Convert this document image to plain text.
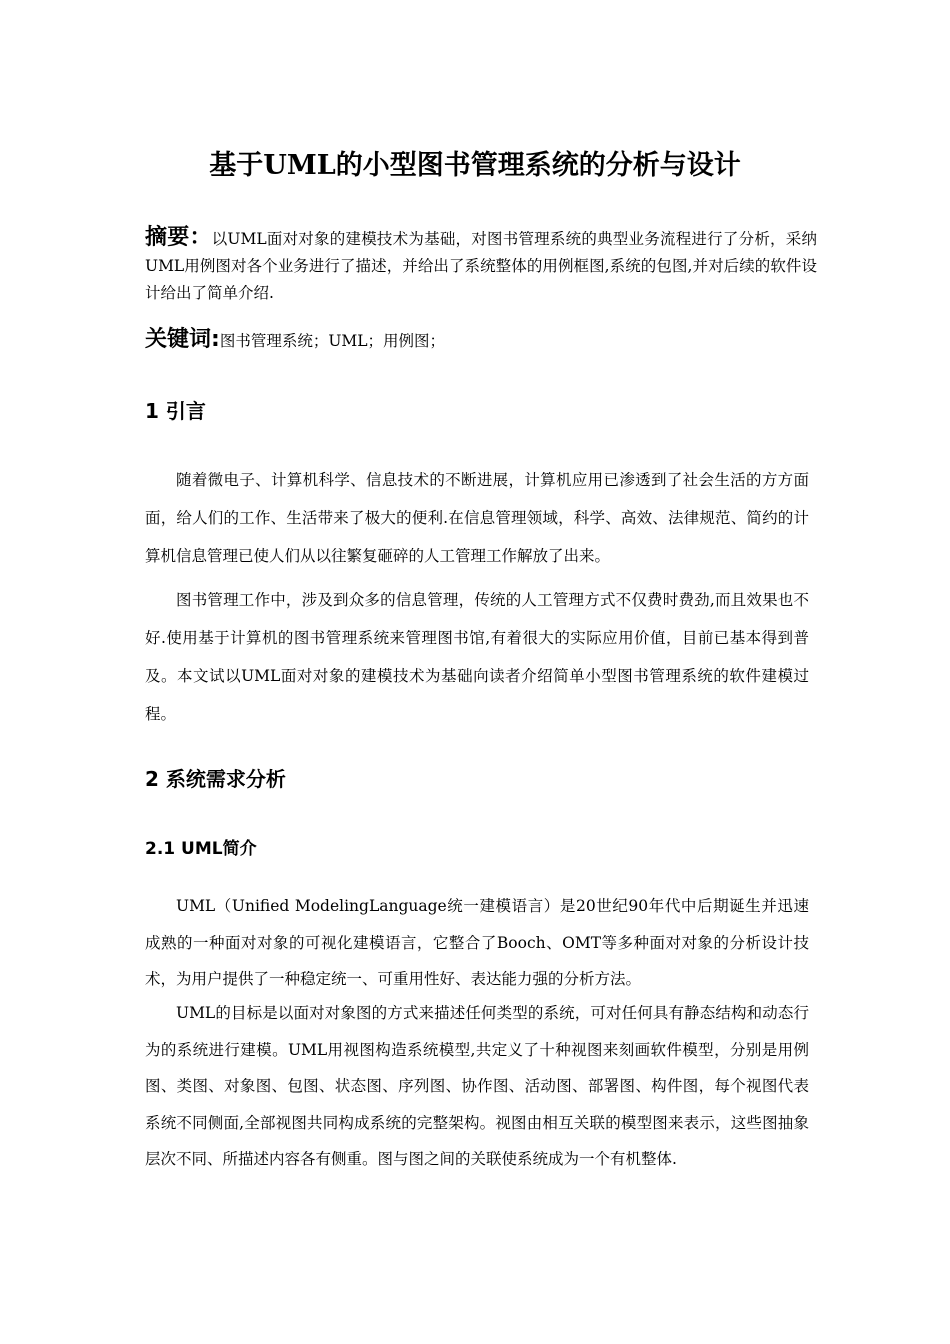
基于UML的小型图书管理系统的分析与设计

摘要：以UML面对对象的建模技术为基础，对图书管理系统的典型业务流程进行了分析，采纳UML用例图对各个业务进行了描述，并给出了系统整体的用例框图,系统的包图,并对后续的软件设计给出了简单介绍.

关键词:图书管理系统；UML；用例图；

1 引言

随着微电子、计算机科学、信息技术的不断进展，计算机应用已渗透到了社会生活的方方面面，给人们的工作、生活带来了极大的便利.在信息管理领域，科学、高效、法律规范、简约的计算机信息管理已使人们从以往繁复砸碎的人工管理工作解放了出来。

图书管理工作中，涉及到众多的信息管理，传统的人工管理方式不仅费时费劲,而且效果也不好.使用基于计算机的图书管理系统来管理图书馆,有着很大的实际应用价值，目前已基本得到普及。本文试以UML面对对象的建模技术为基础向读者介绍简单小型图书管理系统的软件建模过程。

2 系统需求分析
2.1 UML简介

UML（Unified ModelingLanguage统一建模语言）是20世纪90年代中后期诞生并迅速成熟的一种面对对象的可视化建模语言，它整合了Booch、OMT等多种面对对象的分析设计技术，为用户提供了一种稳定统一、可重用性好、表达能力强的分析方法。

UML的目标是以面对对象图的方式来描述任何类型的系统，可对任何具有静态结构和动态行为的系统进行建模。UML用视图构造系统模型,共定义了十种视图来刻画软件模型，分别是用例图、类图、对象图、包图、状态图、序列图、协作图、活动图、部署图、构件图，每个视图代表系统不同侧面,全部视图共同构成系统的完整架构。视图由相互关联的模型图来表示，这些图抽象层次不同、所描述内容各有侧重。图与图之间的关联使系统成为一个有机整体.
